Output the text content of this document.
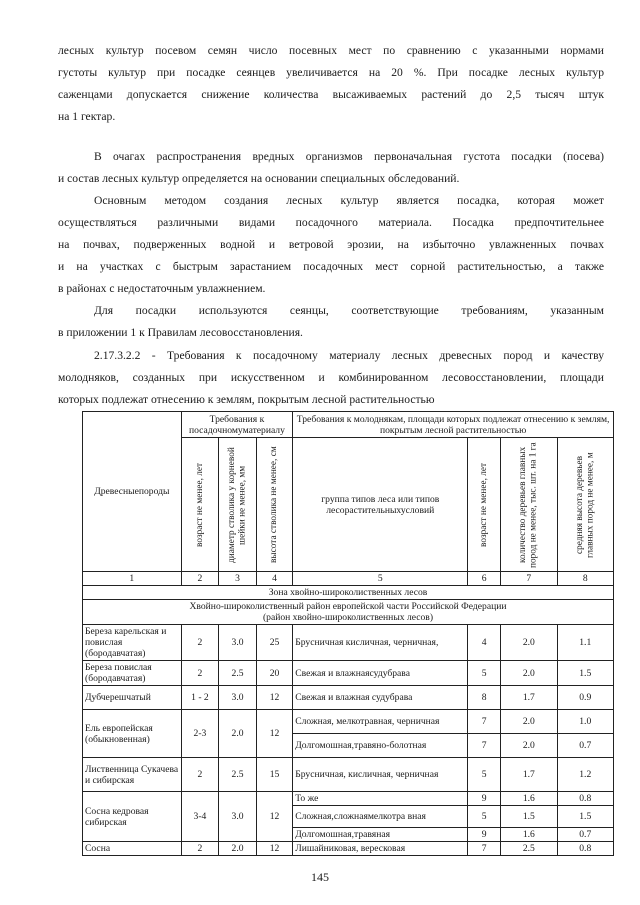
лесных культур посевом семян число посевных мест по сравнению с указанными нормами
густоты культур при посадке сеянцев увеличивается на 20 %. При посадке лесных культур
саженцами допускается снижение количества высаживаемых растений до 2,5 тысяч штук
на 1 гектар.

В очагах распространения вредных организмов первоначальная густота посадки (посева)
и состав лесных культур определяется на основании специальных обследований.

Основным методом создания лесных культур является посадка, которая может
осуществляться различными видами посадочного материала. Посадка предпочтительнее
на почвах, подверженных водной и ветровой эрозии, на избыточно увлажненных почвах
и на участках с быстрым зарастанием посадочных мест сорной растительностью, а также
в районах с недостаточным увлажнением.

Для посадки используются сеянцы, соответствующие требованиям, указанным
в приложении 1 к Правилам лесовосстановления.

2.17.3.2.2 - Требования к посадочному материалу лесных древесных пород и качеству
молодняков, созданных при искусственном и комбинированном лесовосстановлении, площади
которых подлежат отнесению к землям, покрытым лесной растительностью

Древесныепороды	Требования к посадочномуматериалу			Требования к молоднякам, площади которых подлежат отнесению к землям, покрытым лесной растительностью			

	возраст не менее, лет	диаметр стволика у корневой шейки не менее, мм	высота стволика не менее, см	группа типов леса или типов лесорастительныхусловий	возраст не менее, лет	количество деревьев главных пород не менее, тыс. шт. на 1 га	средняя высота деревьев главных пород не менее, м

1	2	3	4	5	6	7	8
Зона хвойно-широколиственных лесов							
Хвойно-широколиственный район европейской части Российской Федерации
(район хвойно-широколиственных лесов)							
Береза карельская и повислая (бородавчатая)	2	3.0	25	Брусничная кисличная, черничная,	4	2.0	1.1
Береза повислая (бородавчатая)	2	2.5	20	Свежая и влажнаясудубрава	5	2.0	1.5
Дубчерешчатый	1 - 2	3.0	12	Свежая и влажная судубрава	8	1.7	0.9
Ель европейская (обыкновенная)	2-3	2.0	12	Сложная, мелкотравная, черничная	7	2.0	1.0
				Долгомошная,травяно-болотная	7	2.0	0.7
Лиственница Сукачева и сибирская	2	2.5	15	Брусничная, кисличная, черничная	5	1.7	1.2
Сосна кедровая сибирская	3-4	3.0	12	То же	9	1.6	0.8
				Сложная,сложнаямелкотра вная	5	1.5	1.5
				Долгомошная,травяная	9	1.6	0.7
Сосна	2	2.0	12	Лишайниковая, вересковая	7	2.5	0.8
145
